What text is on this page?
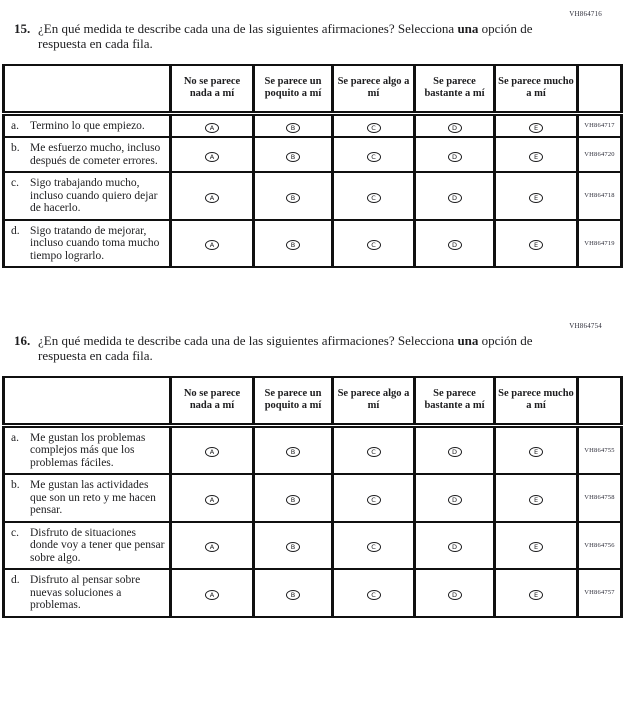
VH864716
15. ¿En qué medida te describe cada una de las siguientes afirmaciones? Selecciona una opción de respuesta en cada fila.

	No se parece nada a mí	Se parece un poquito a mí	Se parece algo a mí	Se parece bastante a mí	Se parece mucho a mí	

a. Termino lo que empiezo.	A	B	C	D	E	VH864717

b. Me esfuerzo mucho, incluso después de cometer errores.	A	B	C	D	E	VH864720

c. Sigo trabajando mucho, incluso cuando quiero dejar de hacerlo.	A	B	C	D	E	VH864718

d. Sigo tratando de mejorar, incluso cuando toma mucho tiempo lograrlo.	A	B	C	D	E	VH864719
VH864754
16. ¿En qué medida te describe cada una de las siguientes afirmaciones? Selecciona una opción de respuesta en cada fila.

	No se parece nada a mí	Se parece un poquito a mí	Se parece algo a mí	Se parece bastante a mí	Se parece mucho a mí	

a. Me gustan los problemas complejos más que los problemas fáciles.	A	B	C	D	E	VH864755

b. Me gustan las actividades que son un reto y me hacen pensar.	A	B	C	D	E	VH864758

c. Disfruto de situaciones donde voy a tener que pensar sobre algo.	A	B	C	D	E	VH864756

d. Disfruto al pensar sobre nuevas soluciones a problemas.	A	B	C	D	E	VH864757
